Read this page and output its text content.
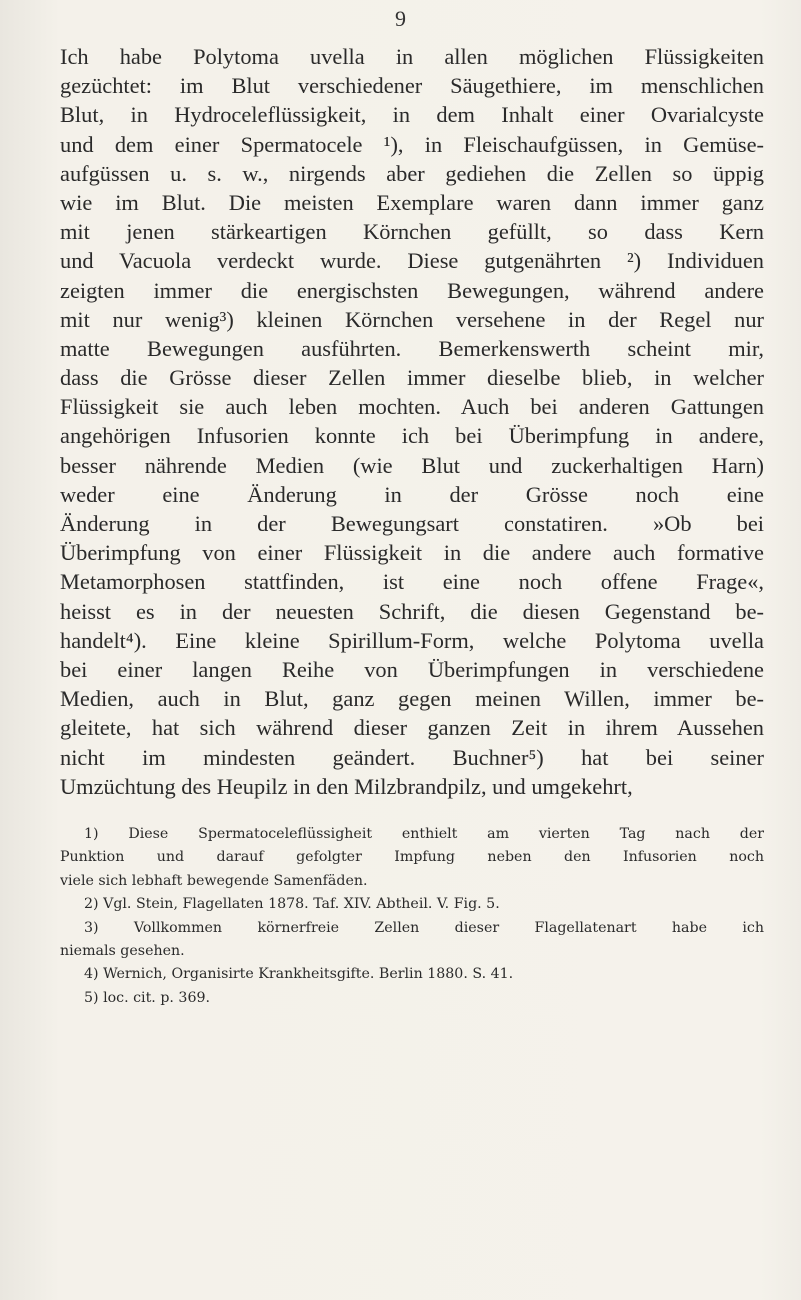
9
Ich habe Polytoma uvella in allen möglichen Flüssigkeiten
gezüchtet: im Blut verschiedener Säugethiere, im menschlichen
Blut, in Hydroceleflüssigkeit, in dem Inhalt einer Ovarialcyste
und dem einer Spermatocele ¹), in Fleischaufgüssen, in Gemüse-
aufgüssen u. s. w., nirgends aber gediehen die Zellen so üppig
wie im Blut. Die meisten Exemplare waren dann immer ganz
mit jenen stärkeartigen Körnchen gefüllt, so dass Kern
und Vacuola verdeckt wurde. Diese gutgenährten ²) Individuen
zeigten immer die energischsten Bewegungen, während andere
mit nur wenig³) kleinen Körnchen versehene in der Regel nur
matte Bewegungen ausführten. Bemerkenswerth scheint mir,
dass die Grösse dieser Zellen immer dieselbe blieb, in welcher
Flüssigkeit sie auch leben mochten. Auch bei anderen Gattungen
angehörigen Infusorien konnte ich bei Überimpfung in andere,
besser nährende Medien (wie Blut und zuckerhaltigen Harn)
weder eine Änderung in der Grösse noch eine
Änderung in der Bewegungsart constatiren. »Ob bei
Überimpfung von einer Flüssigkeit in die andere auch formative
Metamorphosen stattfinden, ist eine noch offene Frage«,
heisst es in der neuesten Schrift, die diesen Gegenstand be-
handelt⁴). Eine kleine Spirillum-Form, welche Polytoma uvella
bei einer langen Reihe von Überimpfungen in verschiedene
Medien, auch in Blut, ganz gegen meinen Willen, immer be-
gleitete, hat sich während dieser ganzen Zeit in ihrem Aussehen
nicht im mindesten geändert. Buchner⁵) hat bei seiner
Umzüchtung des Heupilz in den Milzbrandpilz, und umgekehrt,
1) Diese Spermatoceleflüssigheit enthielt am vierten Tag nach der
Punktion und darauf gefolgter Impfung neben den Infusorien noch
viele sich lebhaft bewegende Samenfäden.
2) Vgl. Stein, Flagellaten 1878. Taf. XIV. Abtheil. V. Fig. 5.
3) Vollkommen körnerfreie Zellen dieser Flagellatenart habe ich
niemals gesehen.
4) Wernich, Organisirte Krankheitsgifte. Berlin 1880. S. 41.
5) loc. cit. p. 369.
